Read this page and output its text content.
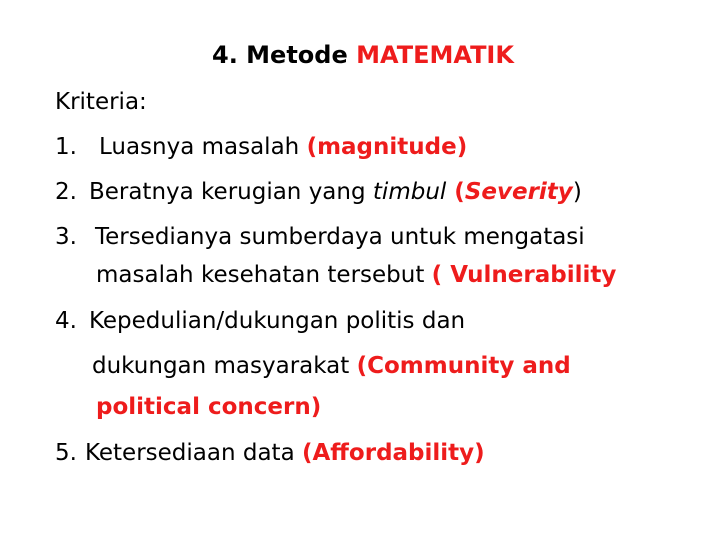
4. Metode MATEMATIK
Kriteria:
1. Luasnya masalah (magnitude)
2. Beratnya kerugian yang timbul (Severity)
3. Tersedianya sumberdaya untuk mengatasi
masalah kesehatan tersebut ( Vulnerability
4. Kepedulian/dukungan politis dan
dukungan masyarakat (Community and
political concern)
5. Ketersediaan data (Affordability)
